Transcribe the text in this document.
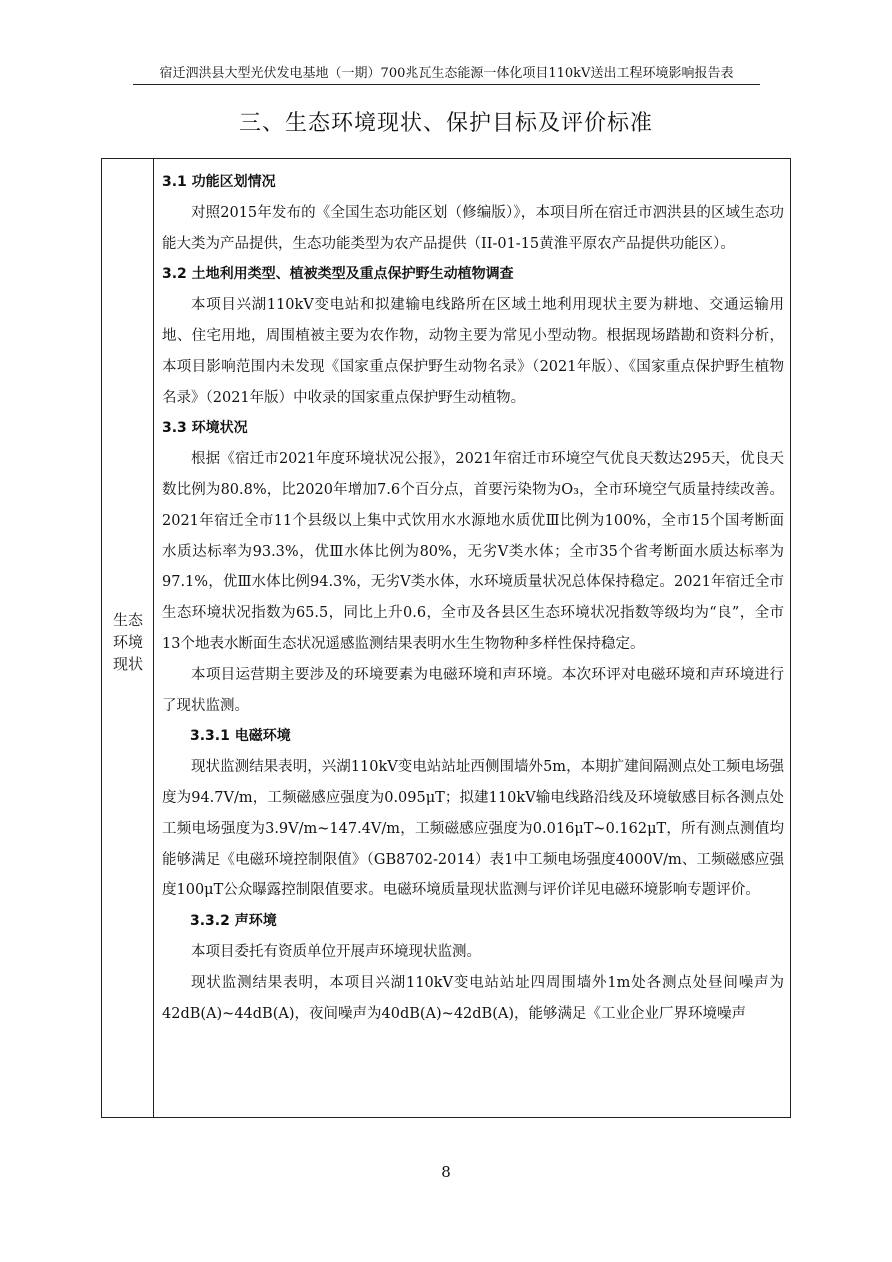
宿迁泗洪县大型光伏发电基地（一期）700兆瓦生态能源一体化项目110kV送出工程环境影响报告表
三、生态环境现状、保护目标及评价标准
生态
环境
现状

3.1 功能区划情况

对照2015年发布的《全国生态功能区划（修编版）》，本项目所在宿迁市泗洪县的区域生态功能大类为产品提供，生态功能类型为农产品提供（II-01-15黄淮平原农产品提供功能区）。

3.2 土地利用类型、植被类型及重点保护野生动植物调查

本项目兴湖110kV变电站和拟建输电线路所在区域土地利用现状主要为耕地、交通运输用地、住宅用地，周围植被主要为农作物，动物主要为常见小型动物。根据现场踏勘和资料分析，本项目影响范围内未发现《国家重点保护野生动物名录》（2021年版）、《国家重点保护野生植物名录》（2021年版）中收录的国家重点保护野生动植物。

3.3 环境状况

根据《宿迁市2021年度环境状况公报》，2021年宿迁市环境空气优良天数达295天，优良天数比例为80.8%，比2020年增加7.6个百分点，首要污染物为O₃，全市环境空气质量持续改善。2021年宿迁全市11个县级以上集中式饮用水水源地水质优Ⅲ比例为100%，全市15个国考断面水质达标率为93.3%，优Ⅲ水体比例为80%，无劣Ⅴ类水体；全市35个省考断面水质达标率为97.1%，优Ⅲ水体比例94.3%，无劣Ⅴ类水体，水环境质量状况总体保持稳定。2021年宿迁全市生态环境状况指数为65.5，同比上升0.6，全市及各县区生态环境状况指数等级均为“良”，全市13个地表水断面生态状况遥感监测结果表明水生生物物种多样性保持稳定。

本项目运营期主要涉及的环境要素为电磁环境和声环境。本次环评对电磁环境和声环境进行了现状监测。

3.3.1 电磁环境

现状监测结果表明，兴湖110kV变电站站址西侧围墙外5m，本期扩建间隔测点处工频电场强度为94.7V/m，工频磁感应强度为0.095μT；拟建110kV输电线路沿线及环境敏感目标各测点处工频电场强度为3.9V/m~147.4V/m，工频磁感应强度为0.016μT~0.162μT，所有测点测值均能够满足《电磁环境控制限值》（GB8702-2014）表1中工频电场强度4000V/m、工频磁感应强度100μT公众曝露控制限值要求。电磁环境质量现状监测与评价详见电磁环境影响专题评价。

3.3.2 声环境

本项目委托有资质单位开展声环境现状监测。

现状监测结果表明，本项目兴湖110kV变电站站址四周围墙外1m处各测点处昼间噪声为42dB(A)~44dB(A)，夜间噪声为40dB(A)~42dB(A)，能够满足《工业企业厂界环境噪声

8
